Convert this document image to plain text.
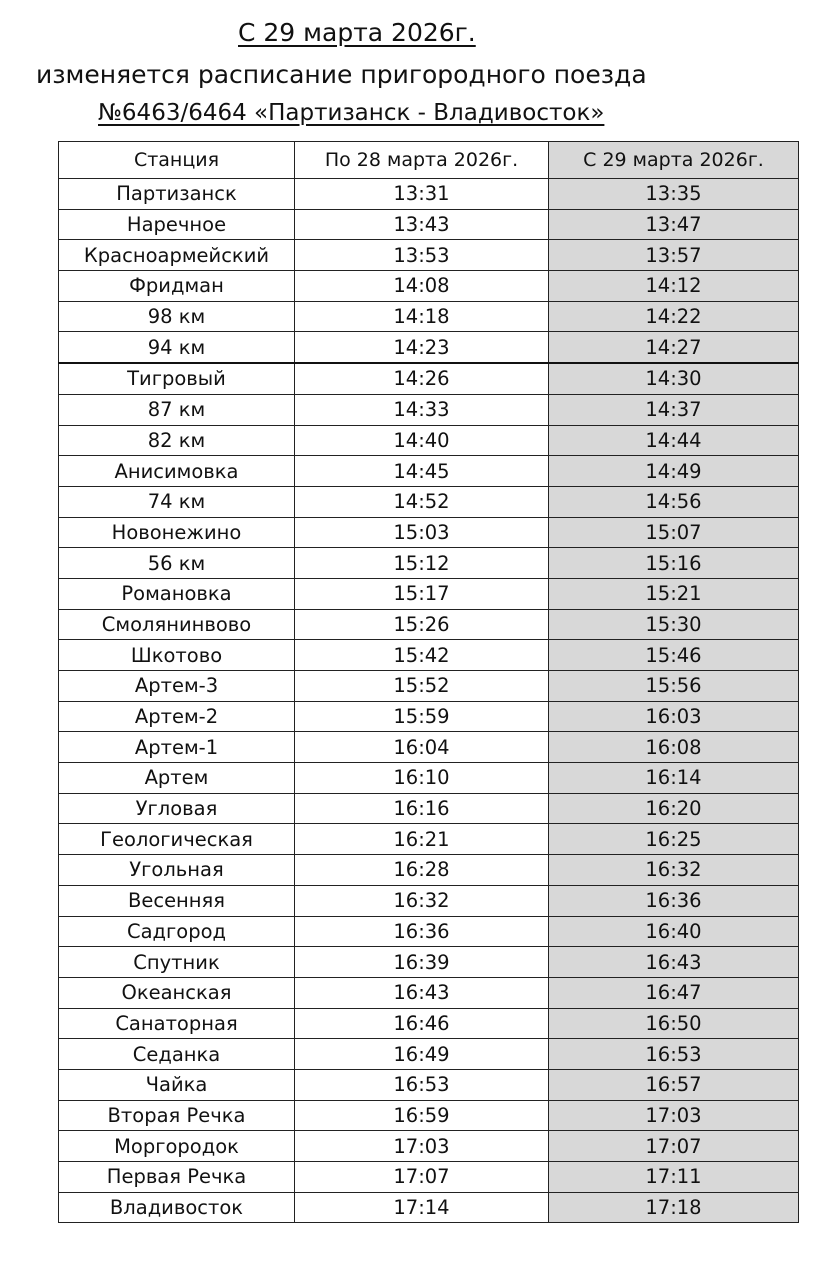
С 29 марта 2026г.
изменяется расписание пригородного поезда
№6463/6464 «Партизанск - Владивосток»
Станция	По 28 марта 2026г.	С 29 марта 2026г.
Партизанск	13:31	13:35
Наречное	13:43	13:47
Красноармейский	13:53	13:57
Фридман	14:08	14:12
98 км	14:18	14:22
94 км	14:23	14:27
Тигровый	14:26	14:30
87 км	14:33	14:37
82 км	14:40	14:44
Анисимовка	14:45	14:49
74 км	14:52	14:56
Новонежино	15:03	15:07
56 км	15:12	15:16
Романовка	15:17	15:21
Смолянинвово	15:26	15:30
Шкотово	15:42	15:46
Артем-3	15:52	15:56
Артем-2	15:59	16:03
Артем-1	16:04	16:08
Артем	16:10	16:14
Угловая	16:16	16:20
Геологическая	16:21	16:25
Угольная	16:28	16:32
Весенняя	16:32	16:36
Садгород	16:36	16:40
Спутник	16:39	16:43
Океанская	16:43	16:47
Санаторная	16:46	16:50
Седанка	16:49	16:53
Чайка	16:53	16:57
Вторая Речка	16:59	17:03
Моргородок	17:03	17:07
Первая Речка	17:07	17:11
Владивосток	17:14	17:18
